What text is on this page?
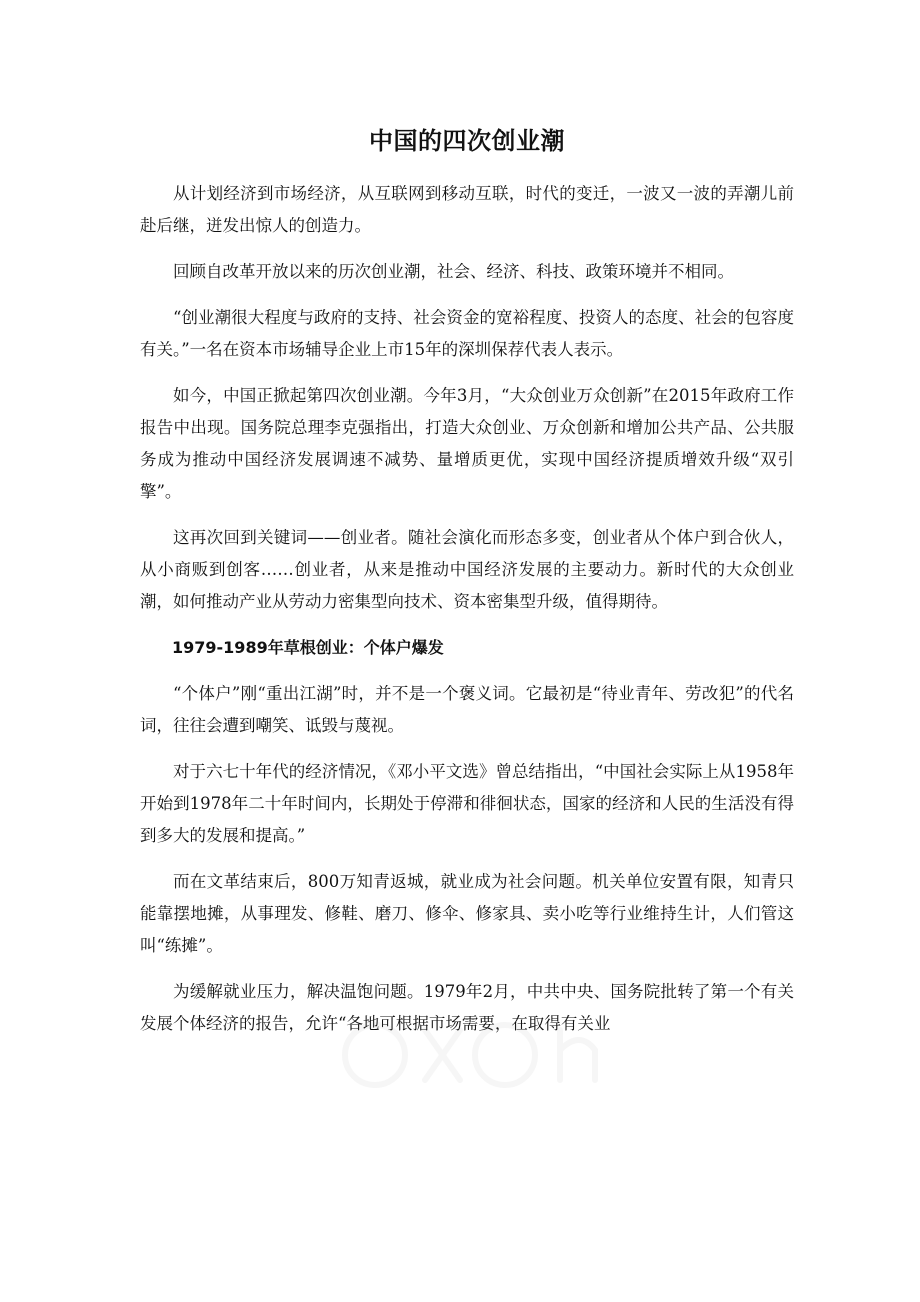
中国的四次创业潮

从计划经济到市场经济，从互联网到移动互联，时代的变迁，一波又一波的弄潮儿前赴后继，迸发出惊人的创造力。

回顾自改革开放以来的历次创业潮，社会、经济、科技、政策环境并不相同。

“创业潮很大程度与政府的支持、社会资金的宽裕程度、投资人的态度、社会的包容度有关。”一名在资本市场辅导企业上市15年的深圳保荐代表人表示。

如今，中国正掀起第四次创业潮。今年3月，“大众创业万众创新”在2015年政府工作报告中出现。国务院总理李克强指出，打造大众创业、万众创新和增加公共产品、公共服务成为推动中国经济发展调速不减势、量增质更优，实现中国经济提质增效升级“双引擎”。

这再次回到关键词——创业者。随社会演化而形态多变，创业者从个体户到合伙人，从小商贩到创客……创业者，从来是推动中国经济发展的主要动力。新时代的大众创业潮，如何推动产业从劳动力密集型向技术、资本密集型升级，值得期待。

1979-1989年草根创业：个体户爆发

“个体户”刚“重出江湖”时，并不是一个褒义词。它最初是“待业青年、劳改犯”的代名词，往往会遭到嘲笑、诋毁与蔑视。

对于六七十年代的经济情况，《邓小平文选》曾总结指出，“中国社会实际上从1958年开始到1978年二十年时间内，长期处于停滞和徘徊状态，国家的经济和人民的生活没有得到多大的发展和提高。”

而在文革结束后，800万知青返城，就业成为社会问题。机关单位安置有限，知青只能靠摆地摊，从事理发、修鞋、磨刀、修伞、修家具、卖小吃等行业维持生计，人们管这叫“练摊”。

为缓解就业压力，解决温饱问题。1979年2月，中共中央、国务院批转了第一个有关发展个体经济的报告，允许“各地可根据市场需要，在取得有关业
